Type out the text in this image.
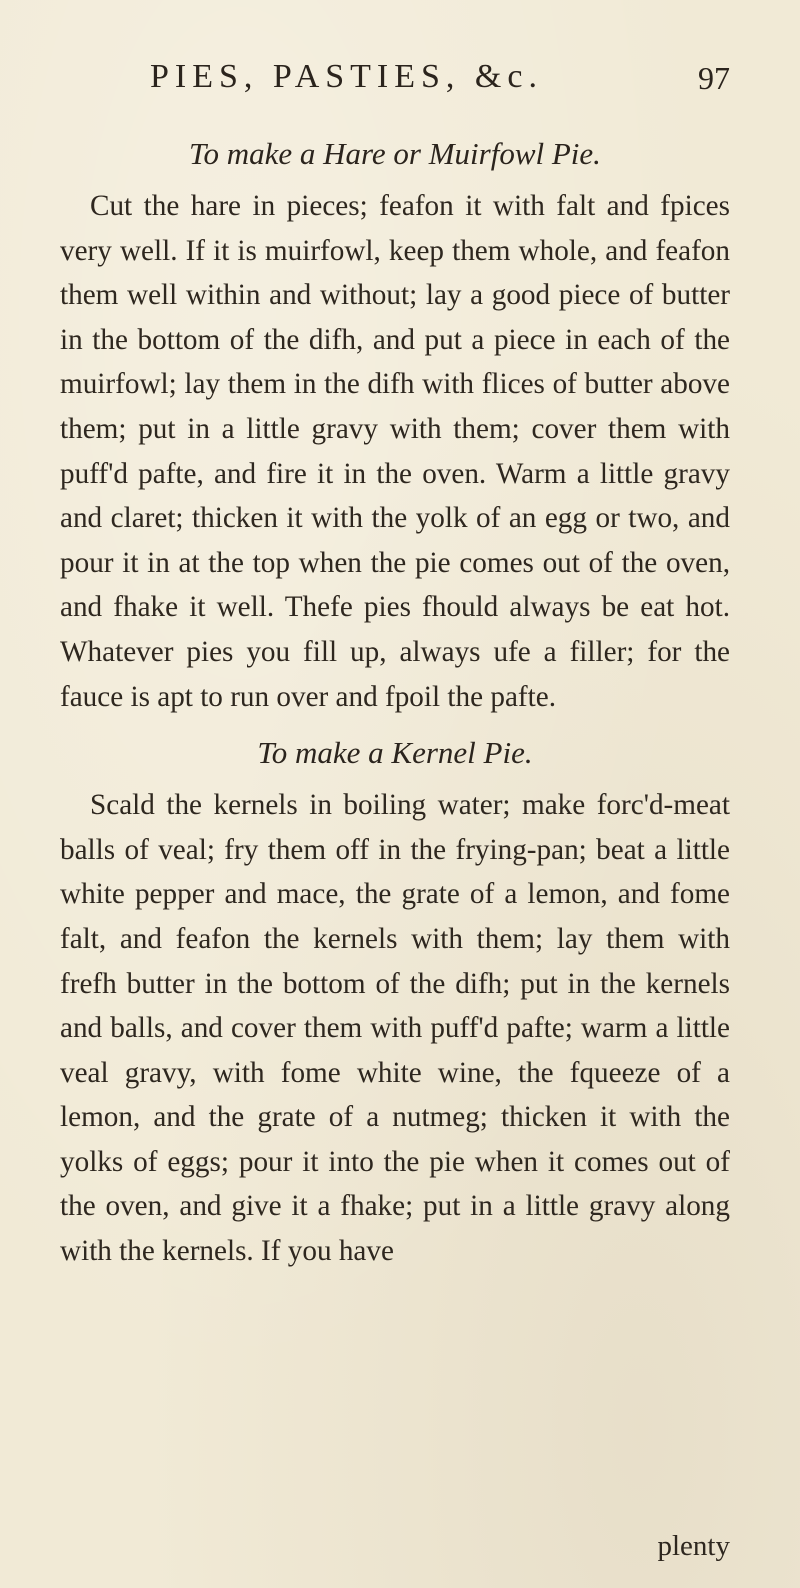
PIES, PASTIES, &c.	97
To make a Hare or Muirfowl Pie.

Cut the hare in pieces; feafon it with falt and fpices very well. If it is muirfowl, keep them whole, and feafon them well within and without; lay a good piece of butter in the bottom of the difh, and put a piece in each of the muirfowl; lay them in the difh with flices of butter above them; put in a little gravy with them; cover them with puff'd pafte, and fire it in the oven. Warm a little gravy and claret; thicken it with the yolk of an egg or two, and pour it in at the top when the pie comes out of the oven, and fhake it well. Thefe pies fhould always be eat hot. Whatever pies you fill up, always ufe a filler; for the fauce is apt to run over and fpoil the pafte.

To make a Kernel Pie.

Scald the kernels in boiling water; make forc'd-meat balls of veal; fry them off in the frying-pan; beat a little white pepper and mace, the grate of a lemon, and fome falt, and feafon the kernels with them; lay them with frefh butter in the bottom of the difh; put in the kernels and balls, and cover them with puff'd pafte; warm a little veal gravy, with fome white wine, the fqueeze of a lemon, and the grate of a nutmeg; thicken it with the yolks of eggs; pour it into the pie when it comes out of the oven, and give it a fhake; put in a little gravy along with the kernels. If you have

plenty
